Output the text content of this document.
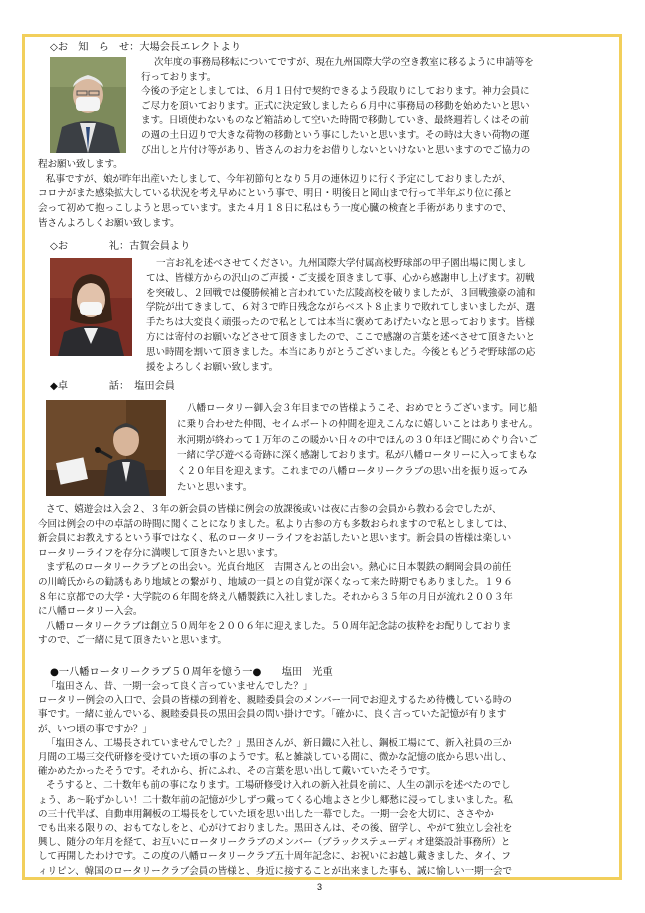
◇お　知　ら　せ：大場会長エレクトより
次年度の事務局移転についてですが、現在九州国際大学の空き教室に移るように申請等を
行っております。
今後の予定としましては、６月１日付で契約できるよう段取りにしております。神力会員に
ご尽力を頂いております。正式に決定致しましたら６月中に事務局の移動を始めたいと思い
ます。日頃使わないものなど箱詰めして空いた時間で移動していき、最終週若しくはその前
の週の土日辺りで大きな荷物の移動という事にしたいと思います。その時は大きい荷物の運
び出しと片付け等があり、皆さんのお力をお借りしないといけないと思いますのでご協力の
程お願い致します。
私事ですが、娘が昨年出産いたしまして、今年初節句となり５月の連休辺りに行く予定にしておりましたが、
コロナがまた感染拡大している状況を考え早めにという事で、明日・明後日と岡山まで行って半年ぶり位に孫と
会って初めて抱っこしようと思っています。また４月１８日に私はもう一度心臓の検査と手術がありますので、
皆さんよろしくお願い致します。
◇お　　　　礼：古賀会員より
一言お礼を述べさせてください。九州国際大学付属高校野球部の甲子園出場に関しまし
ては、皆様方からの沢山のご声援・ご支援を頂きまして事、心から感謝申し上げます。初戦
を突破し、２回戦では優勝候補と言われていた広陵高校を破りましたが、３回戦強豪の浦和
学院が出てきまして、６対３で昨日残念ながらベスト８止まりで敗れてしまいましたが、選
手たちは大変良く頑張ったので私としては本当に褒めてあげたいなと思っております。皆様
方には寄付のお願いなどさせて頂きましたので、ここで感謝の言葉を述べさせて頂きたいと
思い時間を割いて頂きました。本当にありがとうございました。今後ともどうぞ野球部の応
援をよろしくお願い致します。
◆卓　　　　話：　塩田会員
八幡ロータリー御入会３年目までの皆様ようこそ、おめでとうございます。同じ船
に乗り合わせた仲間、セイムボートの仲間を迎えこんなに嬉しいことはありません。
氷河期が終わって１万年のこの暖かい日々の中でほんの３０年ほど間にめぐり合いご
一緒に学び遊べる奇跡に深く感謝しております。私が八幡ロータリーに入ってまもな
く２０年目を迎えます。これまでの八幡ロータリークラブの思い出を振り返ってみ
たいと思います。
さて、嬉遊会は入会２、３年の新会員の皆様に例会の放課後或いは夜に古参の会員から教わる会でしたが、
今回は例会の中の卓話の時間に聞くことになりました。私より古参の方も多数おられますので私としましては、
新会員にお教えするという事ではなく、私のロータリーライフをお話したいと思います。新会員の皆様は楽しい
ロータリーライフを存分に満喫して頂きたいと思います。
まず私のロータリークラブとの出会い。光貞台地区　吉開さんとの出会い。熱心に日本製鉄の網岡会員の前任
の川崎氏からの勧誘もあり地域との繋がり、地域の一員との自覚が深くなって来た時期でもありました。１９６
８年に京都での大学・大学院の６年間を終え八幡製鉄に入社しました。それから３５年の月日が流れ２００３年
に八幡ロータリー入会。
八幡ロータリークラブは創立５０周年を２００６年に迎えました。５０周年記念誌の抜粋をお配りしておりま
すので、ご一緒に見て頂きたいと思います。
●一八幡ロータリークラブ５０周年を憶う一●　　塩田　光重
「塩田さん、昔、一期一会って良く言っていませんでした？」
ロータリー例会の入口で、会員の皆様の到着を、親睦委員会のメンバー一同でお迎えするため待機している時の
事です。一緒に並んでいる、親睦委員長の黒田会員の問い掛けです。「確かに、良く言っていた記憶が有ります
が、いつ頃の事ですか？」
「塩田さん、工場長されていませんでした？」黒田さんが、新日鐵に入社し、鋼板工場にて、新入社員の三か
月間の工場三交代研修を受けていた頃の事のようです。私と雑談している間に、微かな記憶の底から思い出し、
確かめたかったそうです。それから、折にふれ、その言葉を思い出して戴いていたそうです。
そうすると、二十数年も前の事になります。工場研修受け入れの新入社員を前に、人生の訓示を述べたのでし
ょう、あ～恥ずかしい！二十数年前の記憶が少しずつ戴ってくる心地よさと少し郷愁に浸ってしまいました。私
の三十代半ば、自動車用鋼板の工場長をしていた頃を思い出した一幕でした。一期一会を大切に、ささやか
でも出来る限りの、おもてなしをと、心がけておりました。黒田さんは、その後、留学し、やがて独立し会社を
興し、随分の年月を経て、お互いにロータリークラブのメンバー（ブラックステューディオ建築設計事務所）と
して再開したわけです。この度の八幡ロータリークラブ五十周年記念に、お祝いにお越し戴きました、タイ、フ
ィリピン、韓国のロータリークラブ会員の皆様と、身近に接することが出来ました事も、誠に愉しい一期一会で
3
